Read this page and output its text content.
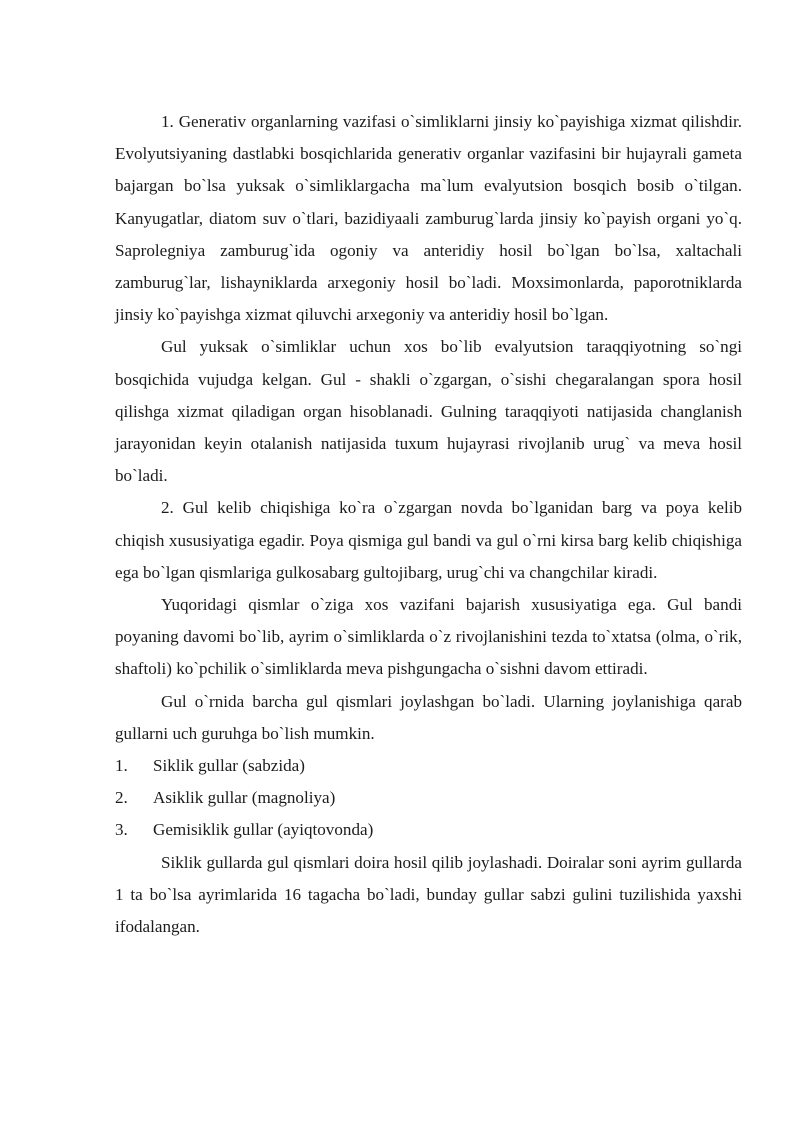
1. Generativ organlarning vazifasi o`simliklarni jinsiy ko`payishiga xizmat qilishdir. Evolyutsiyaning dastlabki bosqichlarida generativ organlar vazifasini bir hujayrali gameta bajargan bo`lsa yuksak o`simliklargacha ma`lum evalyutsion bosqich bosib o`tilgan. Kanyugatlar, diatom suv o`tlari, bazidiyaali zamburug`larda jinsiy ko`payish organi yo`q. Saprolegniya zamburug`ida ogoniy va anteridiy hosil bo`lgan bo`lsa, xaltachali zamburug`lar, lishayniklarda arxegoniy hosil bo`ladi. Moxsimonlarda, paporotniklarda jinsiy ko`payishga xizmat qiluvchi arxegoniy va anteridiy hosil bo`lgan.

Gul yuksak o`simliklar uchun xos bo`lib evalyutsion taraqqiyotning so`ngi bosqichida vujudga kelgan. Gul - shakli o`zgargan, o`sishi chegaralangan spora hosil qilishga xizmat qiladigan organ hisoblanadi. Gulning taraqqiyoti natijasida changlanish jarayonidan keyin otalanish natijasida tuxum hujayrasi rivojlanib urug` va meva hosil bo`ladi.

2. Gul kelib chiqishiga ko`ra o`zgargan novda bo`lganidan barg va poya kelib chiqish xususiyatiga egadir. Poya qismiga gul bandi va gul o`rni kirsa barg kelib chiqishiga ega bo`lgan qismlariga gulkosabarg gultojibarg, urug`chi va changchilar kiradi.

Yuqoridagi qismlar o`ziga xos vazifani bajarish xususiyatiga ega. Gul bandi poyaning davomi bo`lib, ayrim o`simliklarda o`z rivojlanishini tezda to`xtatsa (olma, o`rik, shaftoli) ko`pchilik o`simliklarda meva pishgungacha o`sishni davom ettiradi.

Gul o`rnida barcha gul qismlari joylashgan bo`ladi. Ularning joylanishiga qarab gullarni uch guruhga bo`lish mumkin.

1.	Siklik gullar (sabzida)
2.	Asiklik gullar (magnoliya)
3.	Gemisiklik gullar (ayiqtovonda)

Siklik gullarda gul qismlari doira hosil qilib joylashadi. Doiralar soni ayrim gullarda 1 ta bo`lsa ayrimlarida 16 tagacha bo`ladi, bunday gullar sabzi gulini tuzilishida yaxshi ifodalangan.
